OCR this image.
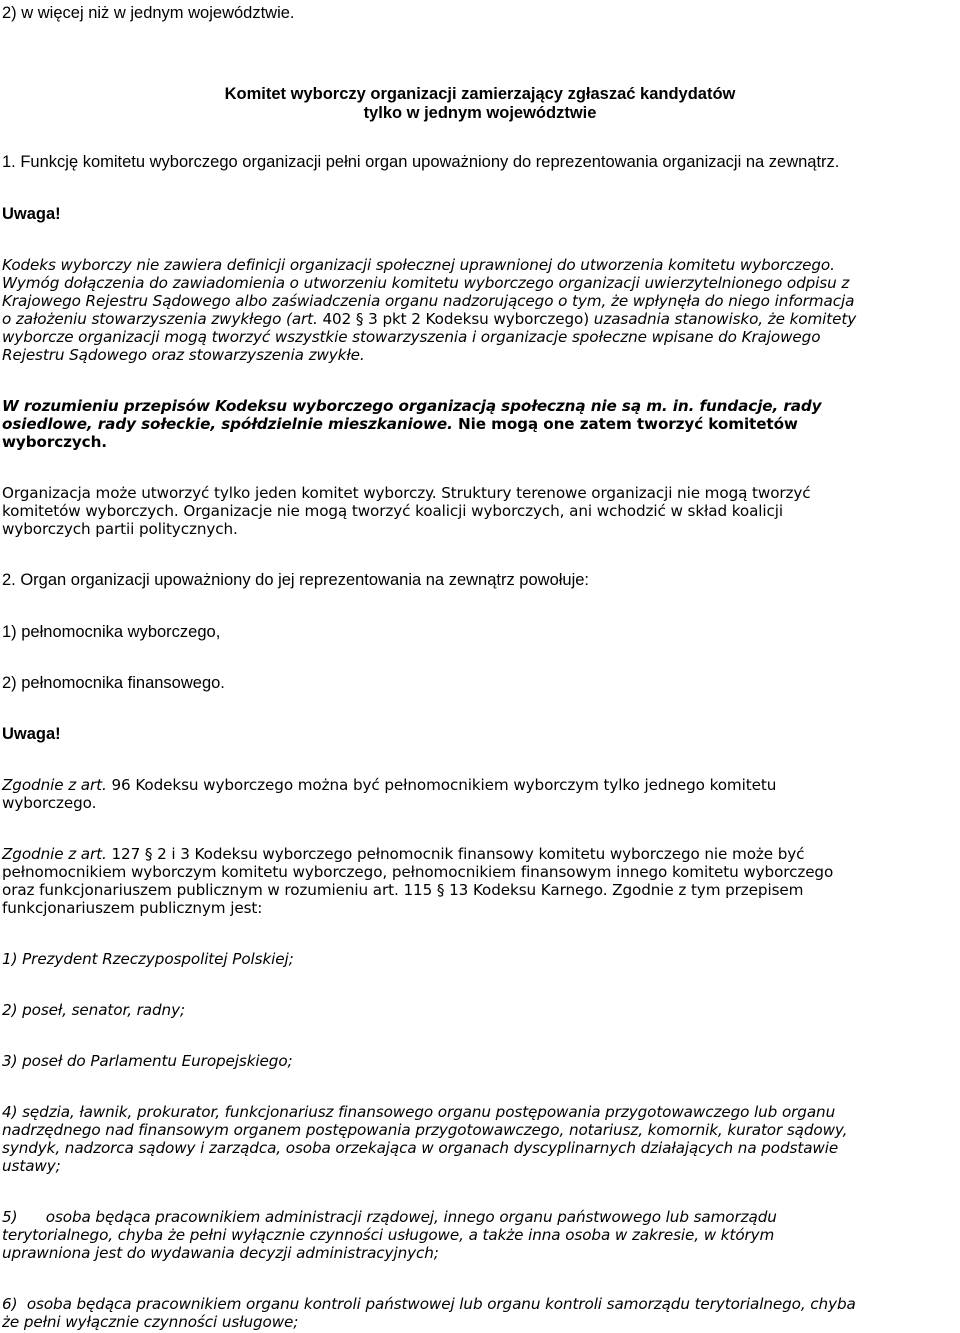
2) w więcej niż w jednym województwie.
Komitet wyborczy organizacji zamierzający zgłaszać kandydatów
tylko w jednym województwie
1. Funkcję komitetu wyborczego organizacji pełni organ upoważniony do reprezentowania organizacji na zewnątrz.
Uwaga!
Kodeks wyborczy nie zawiera definicji organizacji społecznej uprawnionej do utworzenia komitetu wyborczego.
Wymóg dołączenia do zawiadomienia o utworzeniu komitetu wyborczego organizacji uwierzytelnionego odpisu z
Krajowego Rejestru Sądowego albo zaświadczenia organu nadzorującego o tym, że wpłynęła do niego informacja
o założeniu stowarzyszenia zwykłego (art. 402 § 3 pkt 2 Kodeksu wyborczego) uzasadnia stanowisko, że komitety
wyborcze organizacji mogą tworzyć wszystkie stowarzyszenia i organizacje społeczne wpisane do Krajowego
Rejestru Sądowego oraz stowarzyszenia zwykłe.
W rozumieniu przepisów Kodeksu wyborczego organizacją społeczną nie są m. in. fundacje, rady
osiedlowe, rady sołeckie, spółdzielnie mieszkaniowe. Nie mogą one zatem tworzyć komitetów
wyborczych.
Organizacja może utworzyć tylko jeden komitet wyborczy. Struktury terenowe organizacji nie mogą tworzyć
komitetów wyborczych. Organizacje nie mogą tworzyć koalicji wyborczych, ani wchodzić w skład koalicji
wyborczych partii politycznych.
2. Organ organizacji upoważniony do jej reprezentowania na zewnątrz powołuje:
1) pełnomocnika wyborczego,
2) pełnomocnika finansowego.
Uwaga!
Zgodnie z art. 96 Kodeksu wyborczego można być pełnomocnikiem wyborczym tylko jednego komitetu
wyborczego.
Zgodnie z art. 127 § 2 i 3 Kodeksu wyborczego pełnomocnik finansowy komitetu wyborczego nie może być
pełnomocnikiem wyborczym komitetu wyborczego, pełnomocnikiem finansowym innego komitetu wyborczego
oraz funkcjonariuszem publicznym w rozumieniu art. 115 § 13 Kodeksu Karnego. Zgodnie z tym przepisem
funkcjonariuszem publicznym jest:
1) Prezydent Rzeczypospolitej Polskiej;
2) poseł, senator, radny;
3) poseł do Parlamentu Europejskiego;
4) sędzia, ławnik, prokurator, funkcjonariusz finansowego organu postępowania przygotowawczego lub organu
nadrzędnego nad finansowym organem postępowania przygotowawczego, notariusz, komornik, kurator sądowy,
syndyk, nadzorca sądowy i zarządca, osoba orzekająca w organach dyscyplinarnych działających na podstawie
ustawy;
5)      osoba będąca pracownikiem administracji rządowej, innego organu państwowego lub samorządu
terytorialnego, chyba że pełni wyłącznie czynności usługowe, a także inna osoba w zakresie, w którym
uprawniona jest do wydawania decyzji administracyjnych;
6)  osoba będąca pracownikiem organu kontroli państwowej lub organu kontroli samorządu terytorialnego, chyba
że pełni wyłącznie czynności usługowe;
